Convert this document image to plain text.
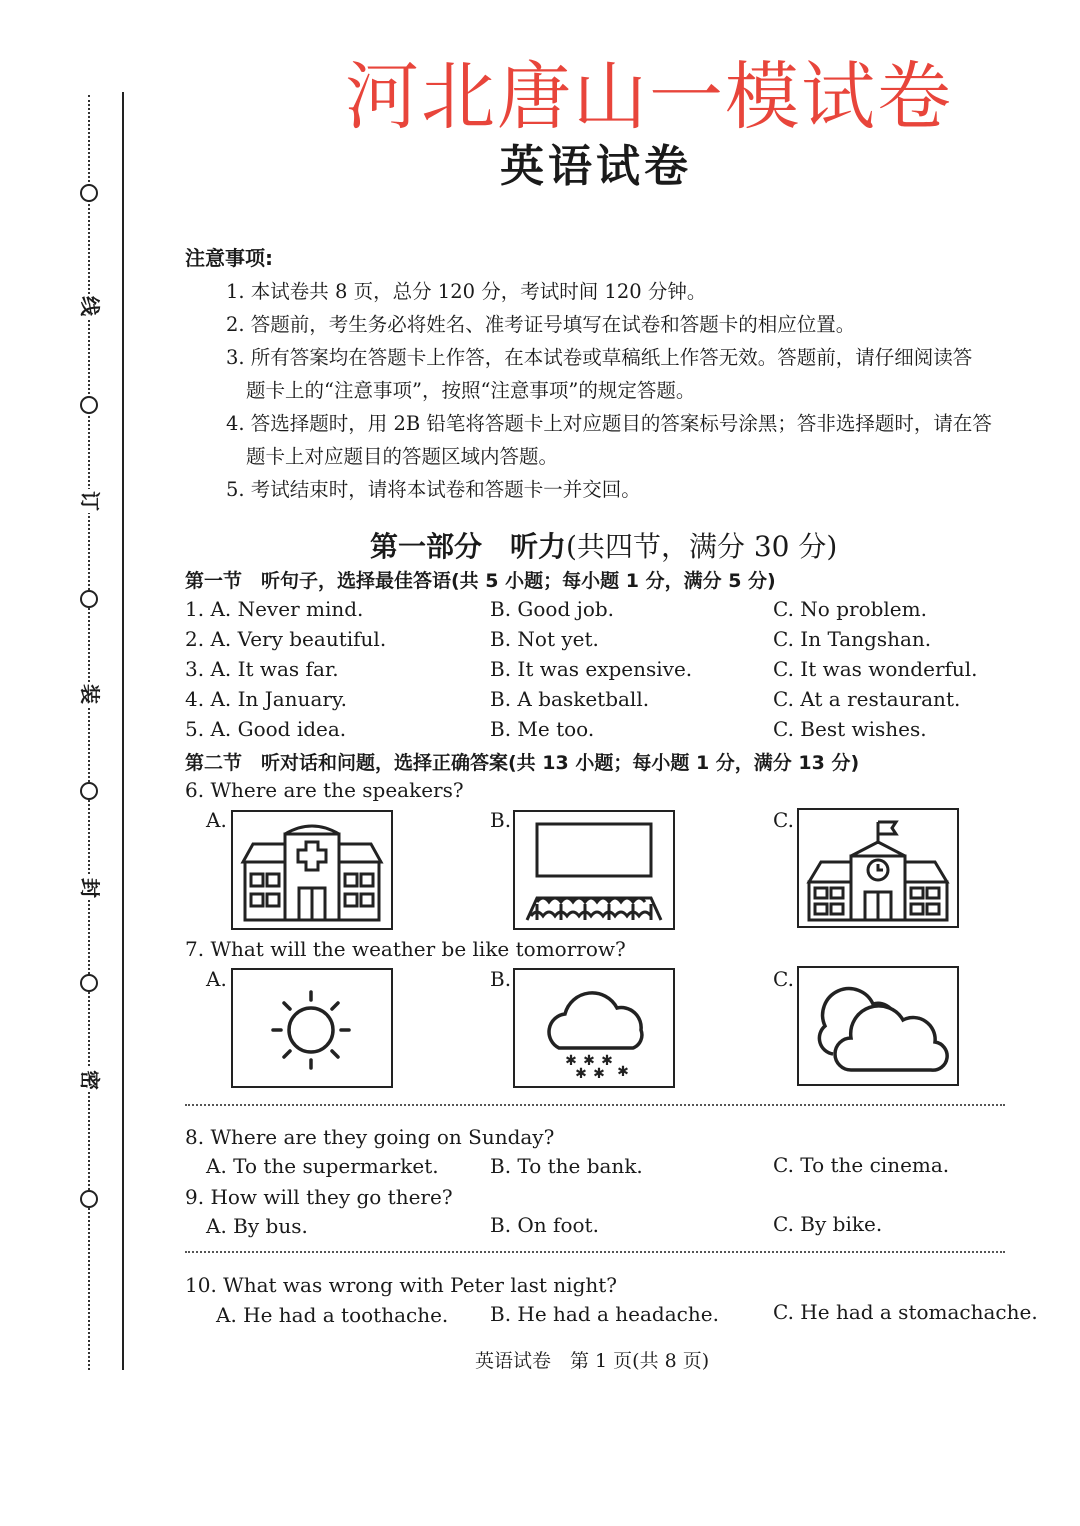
线
订
装
封
密
河北唐山一模试卷
英语试卷
注意事项:
1. 本试卷共 8 页，总分 120 分，考试时间 120 分钟。
2. 答题前，考生务必将姓名、准考证号填写在试卷和答题卡的相应位置。
3. 所有答案均在答题卡上作答，在本试卷或草稿纸上作答无效。答题前，请仔细阅读答
题卡上的“注意事项”，按照“注意事项”的规定答题。
4. 答选择题时，用 2B 铅笔将答题卡上对应题目的答案标号涂黑；答非选择题时，请在答
题卡上对应题目的答题区域内答题。
5. 考试结束时，请将本试卷和答题卡一并交回。
第一部分　听力(共四节，满分 30 分)
第一节　听句子，选择最佳答语(共 5 小题；每小题 1 分，满分 5 分)
1. A. Never mind.	B. Good job.	C. No problem.
2. A. Very beautiful.	B. Not yet.	C. In Tangshan.
3. A. It was far.	B. It was expensive.	C. It was wonderful.
4. A. In January.	B. A basketball.	C. At a restaurant.
5. A. Good idea.	B. Me too.	C. Best wishes.
第二节　听对话和问题，选择正确答案(共 13 小题；每小题 1 分，满分 13 分)
6. Where are the speakers?
A.	B.	C.
7. What will the weather be like tomorrow?
A.	B.	C.
✱ ✱ ✱
✱ ✱ ✱
8. Where are they going on Sunday?
A. To the supermarket.	B. To the bank.	C. To the cinema.
9. How will they go there?
A. By bus.	B. On foot.	C. By bike.
10. What was wrong with Peter last night?
A. He had a toothache. B. He had a headache.	C. He had a stomachache.
英语试卷　第 1 页(共 8 页)
